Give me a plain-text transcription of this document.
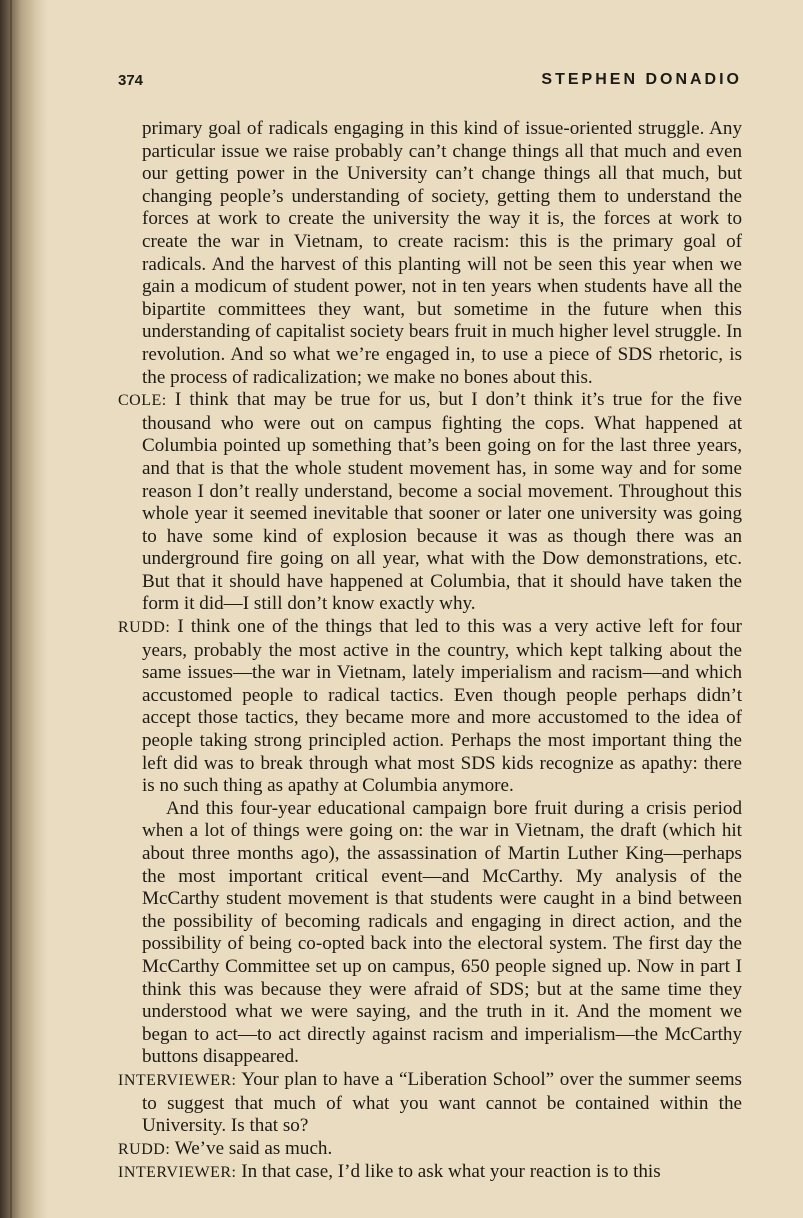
374	STEPHEN DONADIO

primary goal of radicals engaging in this kind of issue-oriented struggle. Any particular issue we raise probably can’t change things all that much and even our getting power in the University can’t change things all that much, but changing people’s understanding of society, getting them to understand the forces at work to create the university the way it is, the forces at work to create the war in Vietnam, to create racism: this is the primary goal of radicals. And the harvest of this planting will not be seen this year when we gain a modicum of student power, not in ten years when students have all the bipartite committees they want, but sometime in the future when this understanding of capitalist society bears fruit in much higher level struggle. In revolution. And so what we’re engaged in, to use a piece of SDS rhetoric, is the process of radicalization; we make no bones about this.

COLE: I think that may be true for us, but I don’t think it’s true for the five thousand who were out on campus fighting the cops. What happened at Columbia pointed up something that’s been going on for the last three years, and that is that the whole student movement has, in some way and for some reason I don’t really understand, become a social movement. Throughout this whole year it seemed inevitable that sooner or later one university was going to have some kind of explosion because it was as though there was an underground fire going on all year, what with the Dow demonstrations, etc. But that it should have happened at Columbia, that it should have taken the form it did—I still don’t know exactly why.

RUDD: I think one of the things that led to this was a very active left for four years, probably the most active in the country, which kept talking about the same issues—the war in Vietnam, lately imperialism and racism—and which accustomed people to radical tactics. Even though people perhaps didn’t accept those tactics, they became more and more accustomed to the idea of people taking strong principled action. Perhaps the most important thing the left did was to break through what most SDS kids recognize as apathy: there is no such thing as apathy at Columbia anymore.

And this four-year educational campaign bore fruit during a crisis period when a lot of things were going on: the war in Vietnam, the draft (which hit about three months ago), the assassination of Martin Luther King—perhaps the most important critical event—and McCarthy. My analysis of the McCarthy student movement is that students were caught in a bind between the possibility of becoming radicals and engaging in direct action, and the possibility of being co-opted back into the electoral system. The first day the McCarthy Committee set up on campus, 650 people signed up. Now in part I think this was because they were afraid of SDS; but at the same time they understood what we were saying, and the truth in it. And the moment we began to act—to act directly against racism and imperialism—the McCarthy buttons disappeared.

INTERVIEWER: Your plan to have a “Liberation School” over the summer seems to suggest that much of what you want cannot be contained within the University. Is that so?

RUDD: We’ve said as much.

INTERVIEWER: In that case, I’d like to ask what your reaction is to this
